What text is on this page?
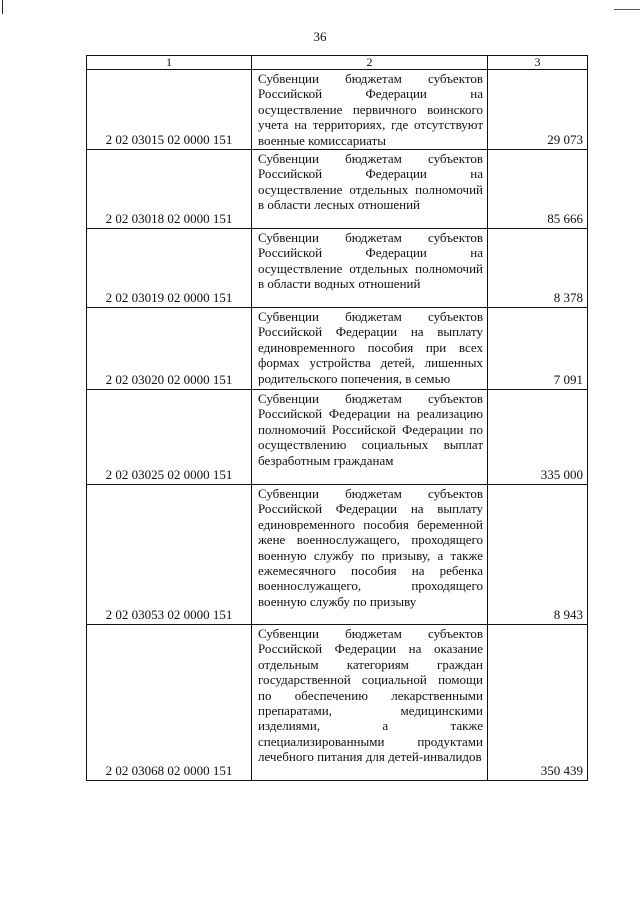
36
1	2	3
2 02 03015 02 0000 151	Субвенции бюджетам субъектов Российской Федерации на осуществление первичного воинского учета на территориях, где отсутствуют военные комиссариаты	29 073
2 02 03018 02 0000 151	Субвенции бюджетам субъектов Российской Федерации на осуществление отдельных полномочий в области лесных отношений	85 666
2 02 03019 02 0000 151	Субвенции бюджетам субъектов Российской Федерации на осуществление отдельных полномочий в области водных отношений	8 378
2 02 03020 02 0000 151	Субвенции бюджетам субъектов Российской Федерации на выплату единовременного пособия при всех формах устройства детей, лишенных родительского попечения, в семью	7 091
2 02 03025 02 0000 151	Субвенции бюджетам субъектов Российской Федерации на реализацию полномочий Российской Федерации по осуществлению социальных выплат безработным гражданам	335 000
2 02 03053 02 0000 151	Субвенции бюджетам субъектов Российской Федерации на выплату единовременного пособия беременной жене военнослужащего, проходящего военную службу по призыву, а также ежемесячного пособия на ребенка военнослужащего, проходящего военную службу по призыву	8 943
2 02 03068 02 0000 151	Субвенции бюджетам субъектов Российской Федерации на оказание отдельным категориям граждан государственной социальной помощи по обеспечению лекарственными препаратами, медицинскими изделиями, а также специализированными продуктами лечебного питания для детей-инвалидов	350 439
